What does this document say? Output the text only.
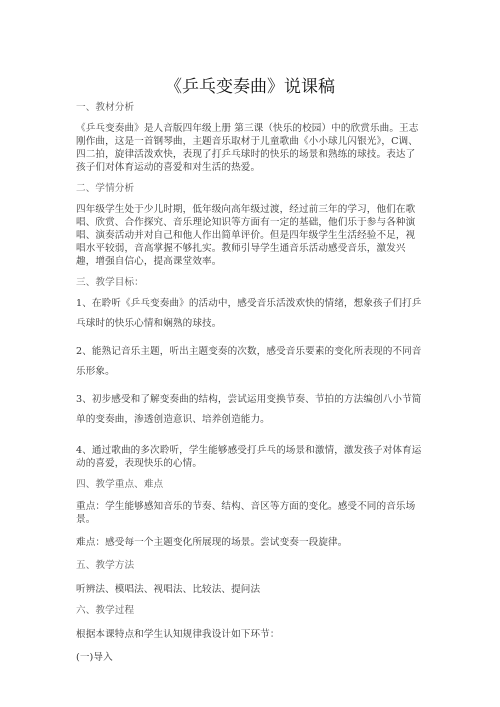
《乒乓变奏曲》说课稿
一、教材分析

《乒乓变奏曲》是人音版四年级上册 第三课（快乐的校园）中的欣赏乐曲。王志刚作曲，这是一首钢琴曲，主题音乐取材于儿童歌曲《小小球儿闪银光》，C调、四二拍，旋律活泼欢快，表现了打乒乓球时的快乐的场景和熟练的球技。表达了孩子们对体育运动的喜爱和对生活的热爱。

二、学情分析

四年级学生处于少儿时期，低年级向高年级过渡，经过前三年的学习，他们在歌唱、欣赏、合作探究、音乐理论知识等方面有一定的基础，他们乐于参与各种演唱、演奏活动并对自己和他人作出简单评价。但是四年级学生生活经验不足，视唱水平较弱，音高掌握不够扎实。教师引导学生通音乐活动感受音乐，激发兴趣，增强自信心，提高课堂效率。

三、教学目标：

1、在聆听《乒乓变奏曲》的活动中，感受音乐活泼欢快的情绪，想象孩子们打乒乓球时的快乐心情和娴熟的球技。

2、能熟记音乐主题，听出主题变奏的次数，感受音乐要素的变化所表现的不同音乐形象。

3、初步感受和了解变奏曲的结构，尝试运用变换节奏、节拍的方法编创八小节简单的变奏曲，渗透创造意识、培养创造能力。

4、通过歌曲的多次聆听，学生能够感受打乒乓的场景和激情，激发孩子对体育运动的喜爱，表现快乐的心情。

四、教学重点、难点

重点：学生能够感知音乐的节奏、结构、音区等方面的变化。感受不同的音乐场景。

难点：感受每一个主题变化所展现的场景。尝试变奏一段旋律。

五、教学方法

听辨法、模唱法、视唱法、比较法、提问法

六、教学过程

根据本课特点和学生认知规律我设计如下环节：

(一)导入
